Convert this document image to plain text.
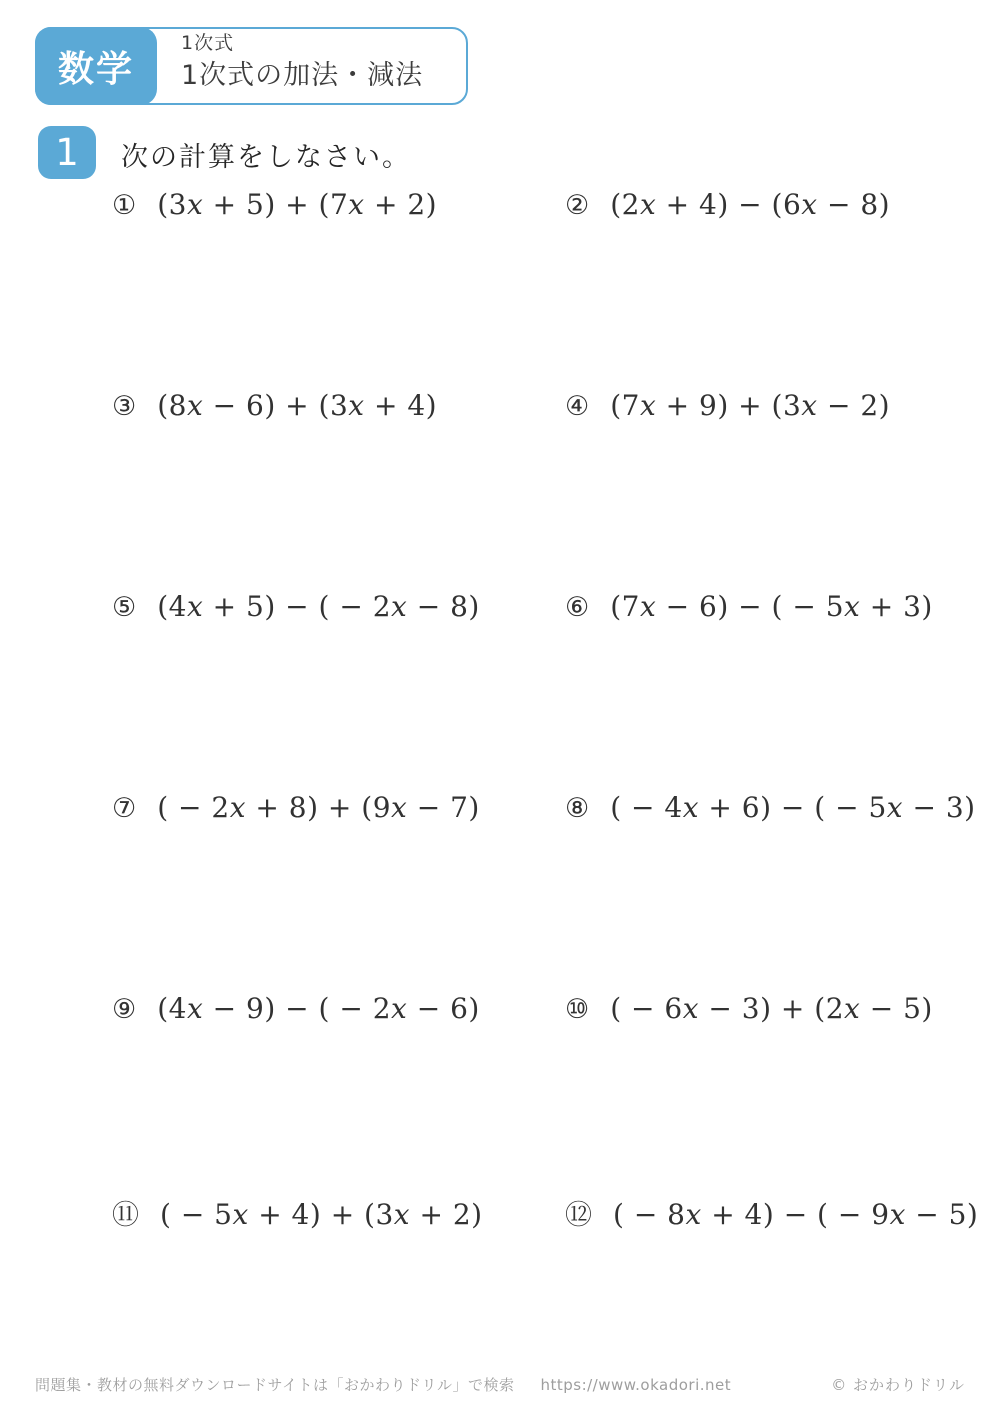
数学
1次式
1次式の加法・減法
1 次の計算をしなさい。
① (3x + 5) + (7x + 2)	② (2x + 4) − (6x − 8)
③ (8x − 6) + (3x + 4)	④ (7x + 9) + (3x − 2)
⑤ (4x + 5) − ( − 2x − 8)	⑥ (7x − 6) − ( − 5x + 3)
⑦ ( − 2x + 8) + (9x − 7)	⑧ ( − 4x + 6) − ( − 5x − 3)
⑨ (4x − 9) − ( − 2x − 6)	⑩ ( − 6x − 3) + (2x − 5)
⑪ ( − 5x + 4) + (3x + 2)	⑫ ( − 8x + 4) − ( − 9x − 5)
問題集・教材の無料ダウンロードサイトは「おかわりドリル」で検索 https://www.okadori.net	© おかわりドリル
